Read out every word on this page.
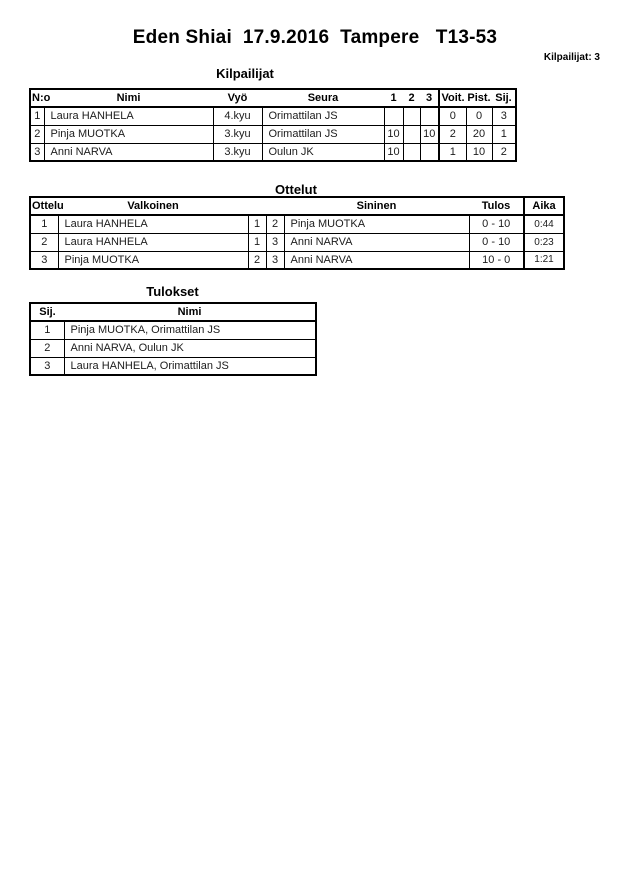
Eden Shiai  17.9.2016  Tampere   T13-53
Kilpailijat: 3
Kilpailijat
N:o	Nimi	Vyö	Seura	1	2	3	Voit.	Pist.	Sij.
1	Laura HANHELA	4.kyu	Orimattilan JS				0	0	3
2	Pinja MUOTKA	3.kyu	Orimattilan JS	10		10	2	20	1
3	Anni NARVA	3.kyu	Oulun JK	10			1	10	2
Ottelut
Ottelu	Valkoinen			Sininen	Tulos	Aika
1	Laura HANHELA	1	2	Pinja MUOTKA	0 - 10	0:44
2	Laura HANHELA	1	3	Anni NARVA	0 - 10	0:23
3	Pinja MUOTKA	2	3	Anni NARVA	10 - 0	1:21
Tulokset
Sij.	Nimi
1	Pinja MUOTKA, Orimattilan JS
2	Anni NARVA, Oulun JK
3	Laura HANHELA, Orimattilan JS
